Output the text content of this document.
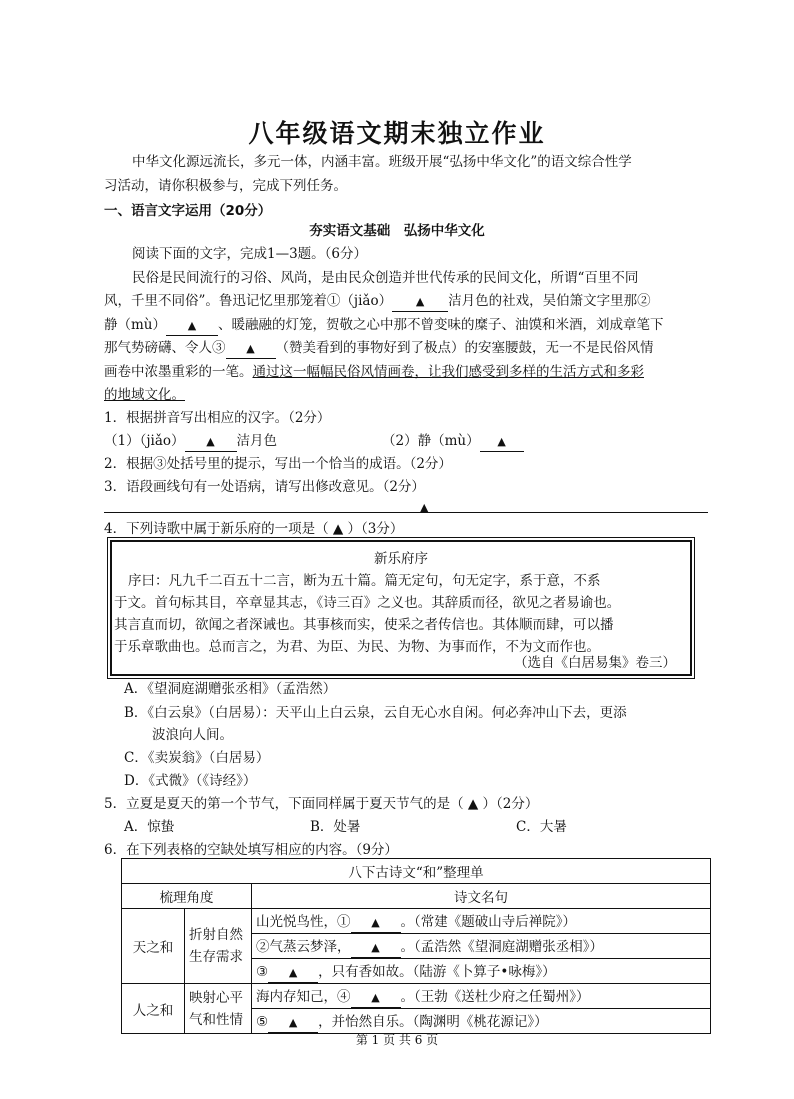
八年级语文期末独立作业
中华文化源远流长，多元一体，内涵丰富。班级开展“弘扬中华文化”的语文综合性学
习活动，请你积极参与，完成下列任务。
一、语言文字运用（20分）
夯实语文基础　弘扬中华文化
阅读下面的文字，完成1—3题。（6分）
民俗是民间流行的习俗、风尚，是由民众创造并世代传承的民间文化，所谓“百里不同
风，千里不同俗”。鲁迅记忆里那笼着①（jiǎo） ▲ 洁月色的社戏，吴伯箫文字里那②
静（mù） ▲ 、暖融融的灯笼，贺敬之心中那不曾变味的糜子、油馍和米酒，刘成章笔下
那气势磅礴、令人③ ▲ （赞美看到的事物好到了极点）的安塞腰鼓，无一不是民俗风情
画卷中浓墨重彩的一笔。通过这一幅幅民俗风情画卷，让我们感受到多样的生活方式和多彩
的地域文化。
1．根据拼音写出相应的汉字。（2分）
（1）（jiǎo） ▲ 洁月色	（2）静（mù） ▲
2．根据③处括号里的提示，写出一个恰当的成语。（2分）
3．语段画线句有一处语病，请写出修改意见。（2分）
▲
4．下列诗歌中属于新乐府的一项是（ ▲ ）（3分）
新乐府序
序曰：凡九千二百五十二言，断为五十篇。篇无定句，句无定字，系于意，不系
于文。首句标其目，卒章显其志，《诗三百》之义也。其辞质而径，欲见之者易谕也。
其言直而切，欲闻之者深诫也。其事核而实，使采之者传信也。其体顺而肆，可以播
于乐章歌曲也。总而言之，为君、为臣、为民、为物、为事而作，不为文而作也。
（选自《白居易集》卷三）
A．《望洞庭湖赠张丞相》（孟浩然）
B．《白云泉》（白居易）：天平山上白云泉，云自无心水自闲。何必奔冲山下去，更添
波浪向人间。
C．《卖炭翁》（白居易）
D．《式微》（《诗经》）
5．立夏是夏天的第一个节气，下面同样属于夏天节气的是（ ▲ ）（2分）
A．惊蛰	B．处暑	C．大暑
6．在下列表格的空缺处填写相应的内容。（9分）
八下古诗文“和”整理单		
梳理角度		诗文名句
天之和	折射自然生存需求	山光悦鸟性，① ▲ 。（常建《题破山寺后禅院》）
		②气蒸云梦泽， ▲ 。（孟浩然《望洞庭湖赠张丞相》）
		③ ▲ ，只有香如故。（陆游《卜算子•咏梅》）
人之和	映射心平气和性情	海内存知己，④ ▲ 。（王勃《送杜少府之任蜀州》）
		⑤ ▲ ，并怡然自乐。（陶渊明《桃花源记》）
第 1 页 共 6 页
